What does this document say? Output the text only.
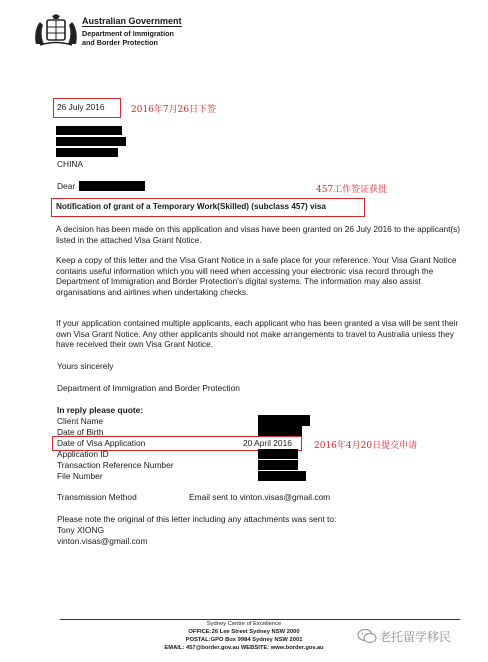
Australian Government
Department of Immigration
and Border Protection
26 July 2016	2016年7月26日下签
CHINA
Dear	457工作签证获批
Notification of grant of a Temporary Work(Skilled) (subclass 457) visa
A decision has been made on this application and visas have been granted on 26 July 2016 to the applicant(s) listed in the attached Visa Grant Notice.
Keep a copy of this letter and the Visa Grant Notice in a safe place for your reference. Your Visa Grant Notice contains useful information which you will need when accessing your electronic visa record through the Department of Immigration and Border Protection's digital systems. The information may also assist organisations and airlines when undertaking checks.
If your application contained multiple applicants, each applicant who has been granted a visa will be sent their own Visa Grant Notice. Any other applicants should not make arrangements to travel to Australia unless they have received their own Visa Grant Notice.
Yours sincerely
Department of Immigration and Border Protection
In reply please quote:
Client Name
Date of Birth
Date of Visa Application	20 April 2016 2016年4月20日提交申请
Application ID
Transaction Reference Number
File Number
Transmission Method	Email sent to vinton.visas@gmail.com
Please note the original of this letter including any attachments was sent to:
Tony XIONG
vinton.visas@gmail.com
Sydney Centre of Excellence
OFFICE:26 Lee Street Sydney NSW 2000
POSTAL:GPO Box 9984 Sydney NSW 2001
EMAIL: 457@border.gov.au WEBSITE: www.border.gov.au
老托留学移民
